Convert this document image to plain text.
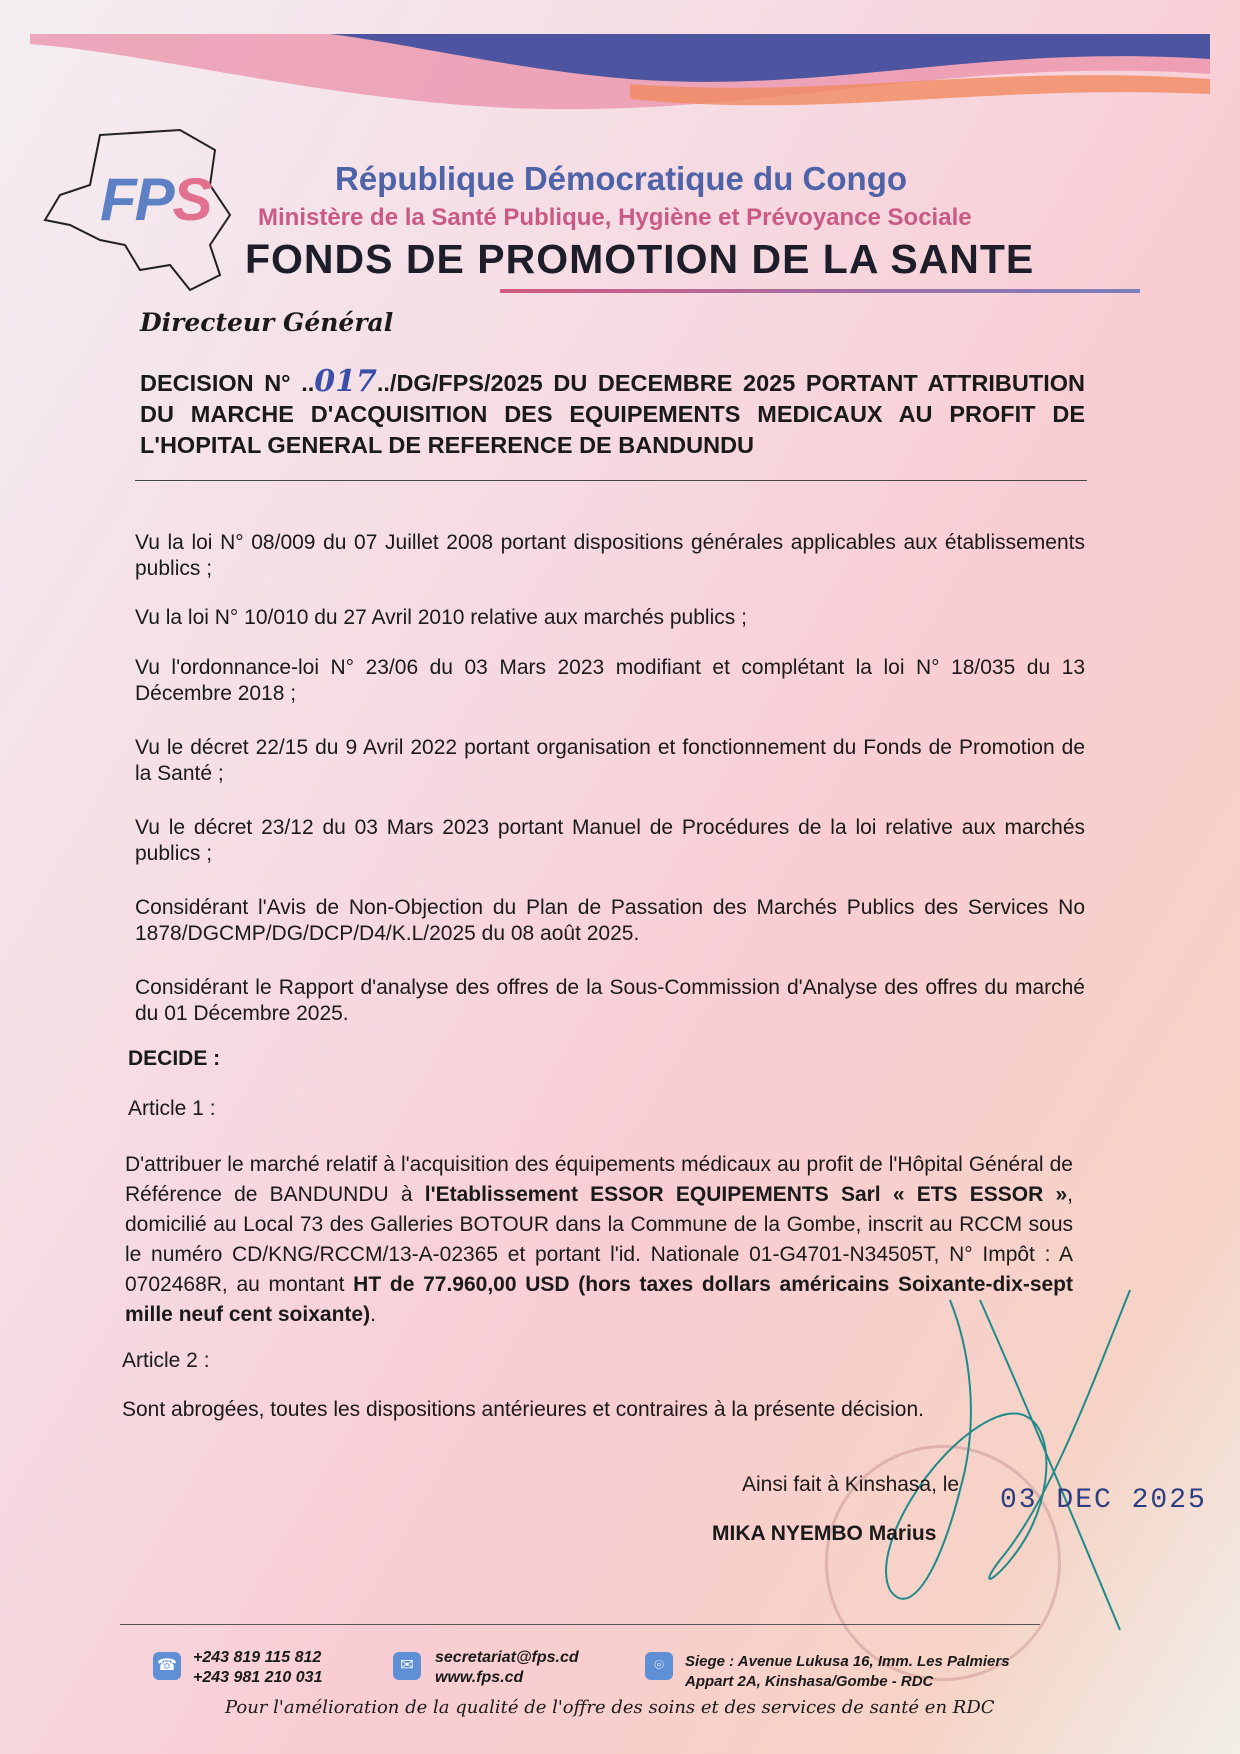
FPS	République Démocratique du Congo
Ministère de la Santé Publique, Hygiène et Prévoyance Sociale
FONDS DE PROMOTION DE LA SANTE
Directeur Général
DECISION N° ..017../DG/FPS/2025 DU DECEMBRE 2025 PORTANT ATTRIBUTION DU MARCHE D'ACQUISITION DES EQUIPEMENTS MEDICAUX AU PROFIT DE L'HOPITAL GENERAL DE REFERENCE DE BANDUNDU
Vu la loi N° 08/009 du 07 Juillet 2008 portant dispositions générales applicables aux établissements publics ;
Vu la loi N° 10/010 du 27 Avril 2010 relative aux marchés publics ;
Vu l'ordonnance-loi N° 23/06 du 03 Mars 2023 modifiant et complétant la loi N° 18/035 du 13 Décembre 2018 ;
Vu le décret 22/15 du 9 Avril 2022 portant organisation et fonctionnement du Fonds de Promotion de la Santé ;
Vu le décret 23/12 du 03 Mars 2023 portant Manuel de Procédures de la loi relative aux marchés publics ;
Considérant l'Avis de Non-Objection du Plan de Passation des Marchés Publics des Services No 1878/DGCMP/DG/DCP/D4/K.L/2025 du 08 août 2025.
Considérant le Rapport d'analyse des offres de la Sous-Commission d'Analyse des offres du marché du 01 Décembre 2025.
DECIDE :
Article 1 :
D'attribuer le marché relatif à l'acquisition des équipements médicaux au profit de l'Hôpital Général de Référence de BANDUNDU à l'Etablissement ESSOR EQUIPEMENTS Sarl « ETS ESSOR », domicilié au Local 73 des Galleries BOTOUR dans la Commune de la Gombe, inscrit au RCCM sous le numéro CD/KNG/RCCM/13-A-02365 et portant l'id. Nationale 01-G4701-N34505T, N° Impôt : A 0702468R, au montant HT de 77.960,00 USD (hors taxes dollars américains Soixante-dix-sept mille neuf cent soixante).
Article 2 :
Sont abrogées, toutes les dispositions antérieures et contraires à la présente décision.
Ainsi fait à Kinshasa, le
03 DEC 2025
MIKA NYEMBO Marius
☎ +243 819 115 812
+243 981 210 031
✉	secretariat@fps.cd
www.fps.cd
⌾	Siege : Avenue Lukusa 16, Imm. Les Palmiers
Appart 2A, Kinshasa/Gombe - RDC
Pour l'amélioration de la qualité de l'offre des soins et des services de santé en RDC
